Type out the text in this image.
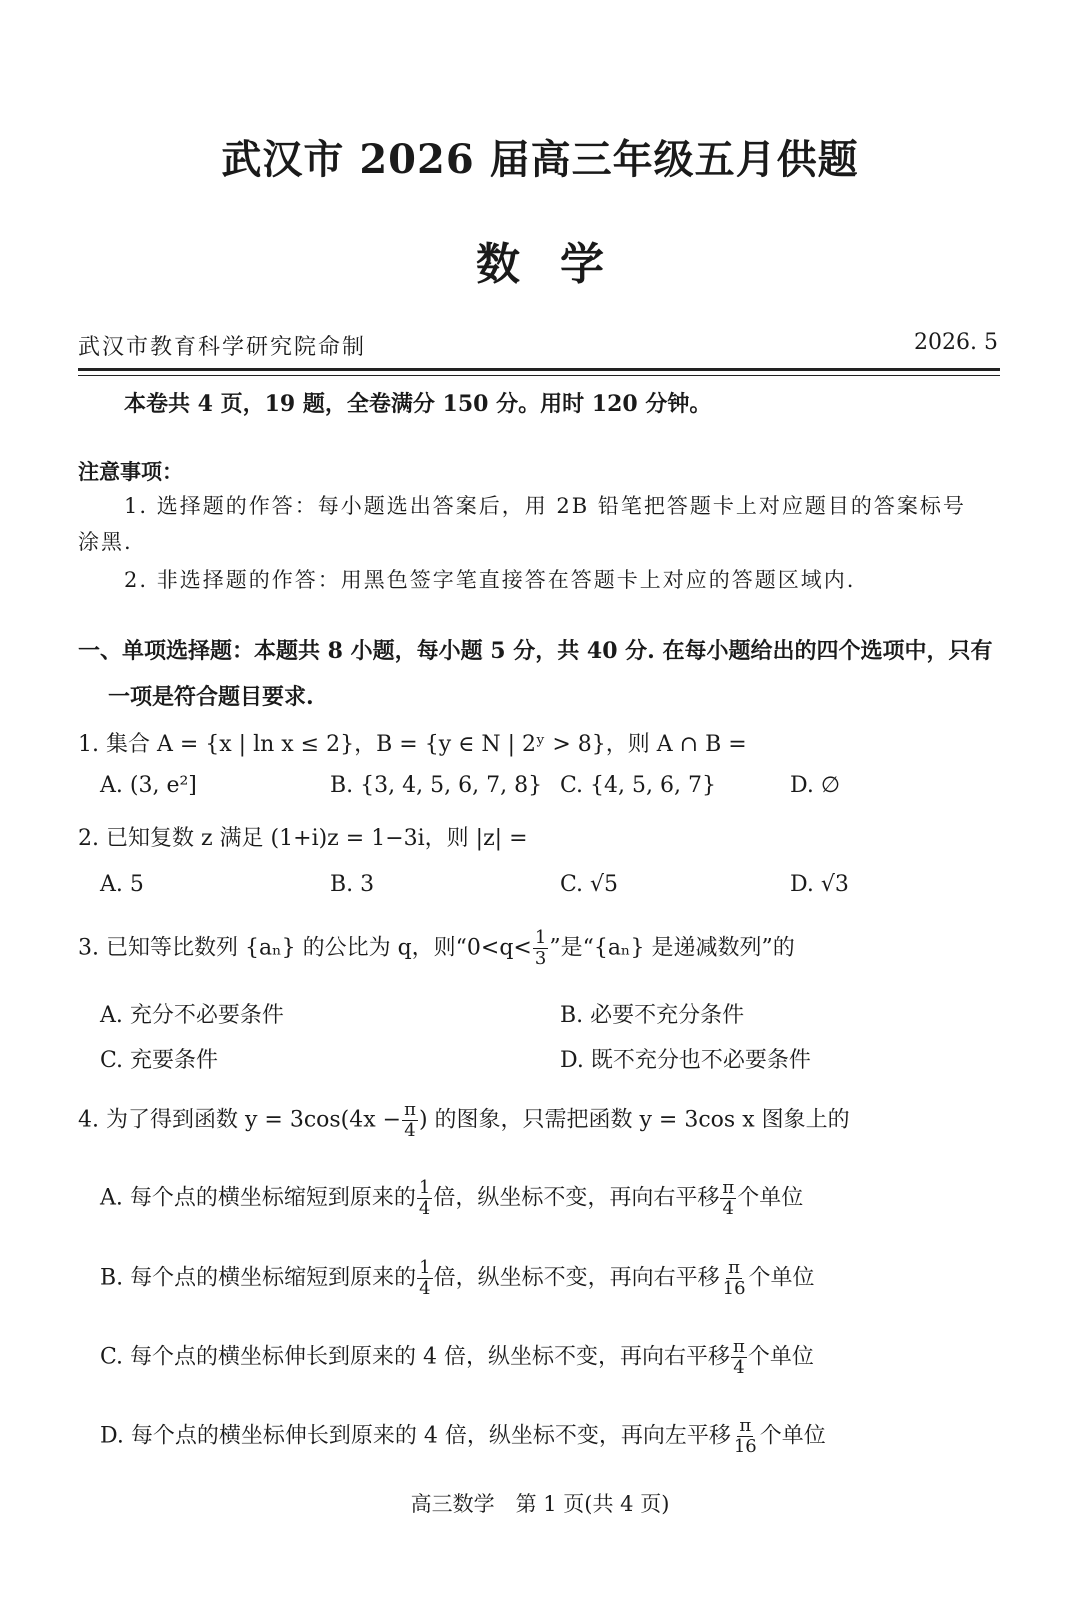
武汉市 2026 届高三年级五月供题
数学
武汉市教育科学研究院命制	2026. 5
本卷共 4 页，19 题，全卷满分 150 分。用时 120 分钟。
注意事项：
1. 选择题的作答：每小题选出答案后，用 2B 铅笔把答题卡上对应题目的答案标号
涂黑.
2. 非选择题的作答：用黑色签字笔直接答在答题卡上对应的答题区域内.
一、单项选择题：本题共 8 小题，每小题 5 分，共 40 分. 在每小题给出的四个选项中，只有
一项是符合题目要求.
1. 集合 A = {x | ln x ≤ 2}，B = {y ∈ N | 2ʸ > 8}，则 A ∩ B =
A. (3, e²]	B. {3, 4, 5, 6, 7, 8} C. {4, 5, 6, 7}	D. ∅
2. 已知复数 z 满足 (1+i)z = 1−3i，则 |z| =
A. 5	B. 3	C. √5	D. √3
3. 已知等比数列 {aₙ} 的公比为 q，则“$0<q< \frac{1}{3}$ ”是“{aₙ} 是递减数列”的
A. 充分不必要条件	B. 必要不充分条件
C. 充要条件	D. 既不充分也不必要条件
4. 为了得到函数 $y = 3\cos(4x - \frac{\pi}{4}$ ) 的图象，只需把函数 y = 3cos x 图象上的
A. 每个点的横坐标缩短到原来的 $\frac{1}{4}$ 倍，纵坐标不变，再向右平移 $\frac{\pi}{4}$ 个单位
B. 每个点的横坐标缩短到原来的 $\frac{1}{4}$ 倍，纵坐标不变，再向右平移 $\frac{\pi}{16}$ 个单位
C. 每个点的横坐标伸长到原来的 4 倍，纵坐标不变，再向右平移 $\frac{\pi}{4}$ 个单位
D. 每个点的横坐标伸长到原来的 4 倍，纵坐标不变，再向左平移 $\frac{\pi}{16}$ 个单位
高三数学　第 1 页(共 4 页)
